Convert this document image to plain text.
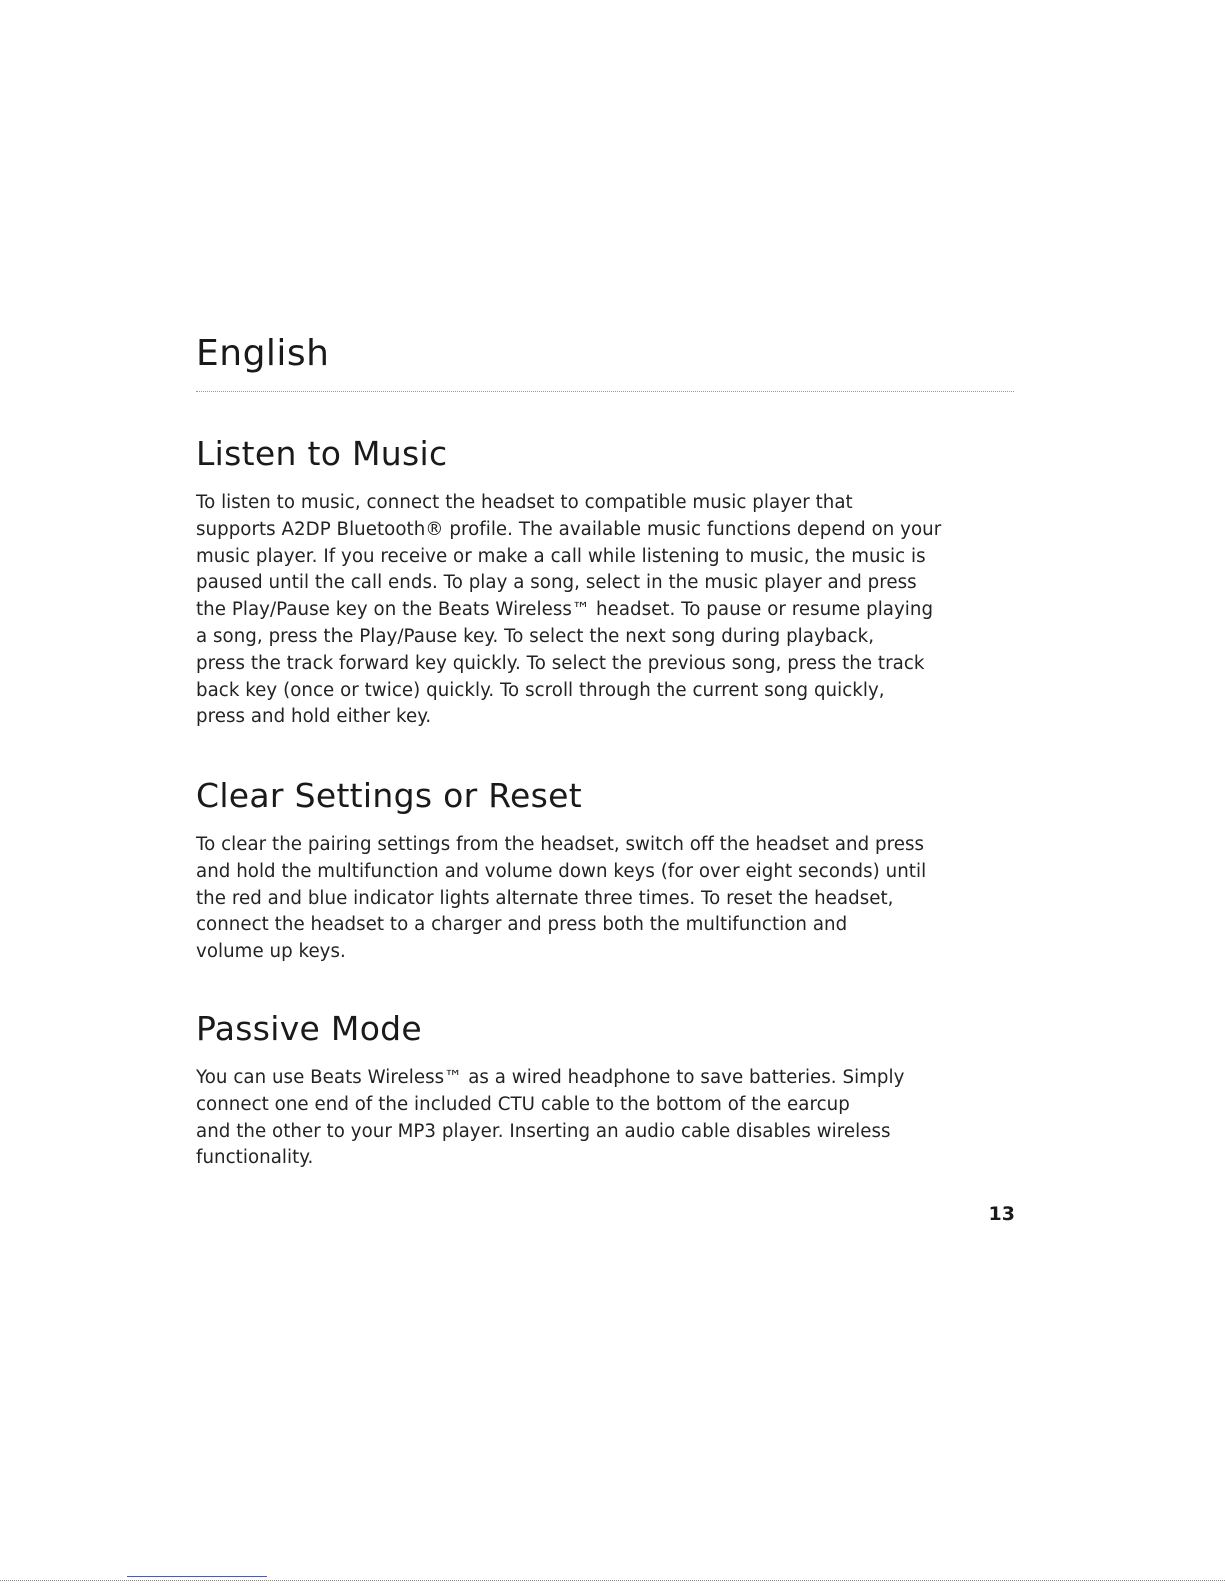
English
Listen to Music

To listen to music, connect the headset to compatible music player that
supports A2DP Bluetooth® profile. The available music functions depend on your
music player. If you receive or make a call while listening to music, the music is
paused until the call ends. To play a song, select in the music player and press
the Play/Pause key on the Beats Wireless™ headset. To pause or resume playing
a song, press the Play/Pause key. To select the next song during playback,
press the track forward key quickly. To select the previous song, press the track
back key (once or twice) quickly. To scroll through the current song quickly,
press and hold either key.

Clear Settings or Reset

To clear the pairing settings from the headset, switch off the headset and press
and hold the multifunction and volume down keys (for over eight seconds) until
the red and blue indicator lights alternate three times. To reset the headset,
connect the headset to a charger and press both the multifunction and
volume up keys.

Passive Mode

You can use Beats Wireless™ as a wired headphone to save batteries. Simply
connect one end of the included CTU cable to the bottom of the earcup
and the other to your MP3 player. Inserting an audio cable disables wireless
functionality.

13
